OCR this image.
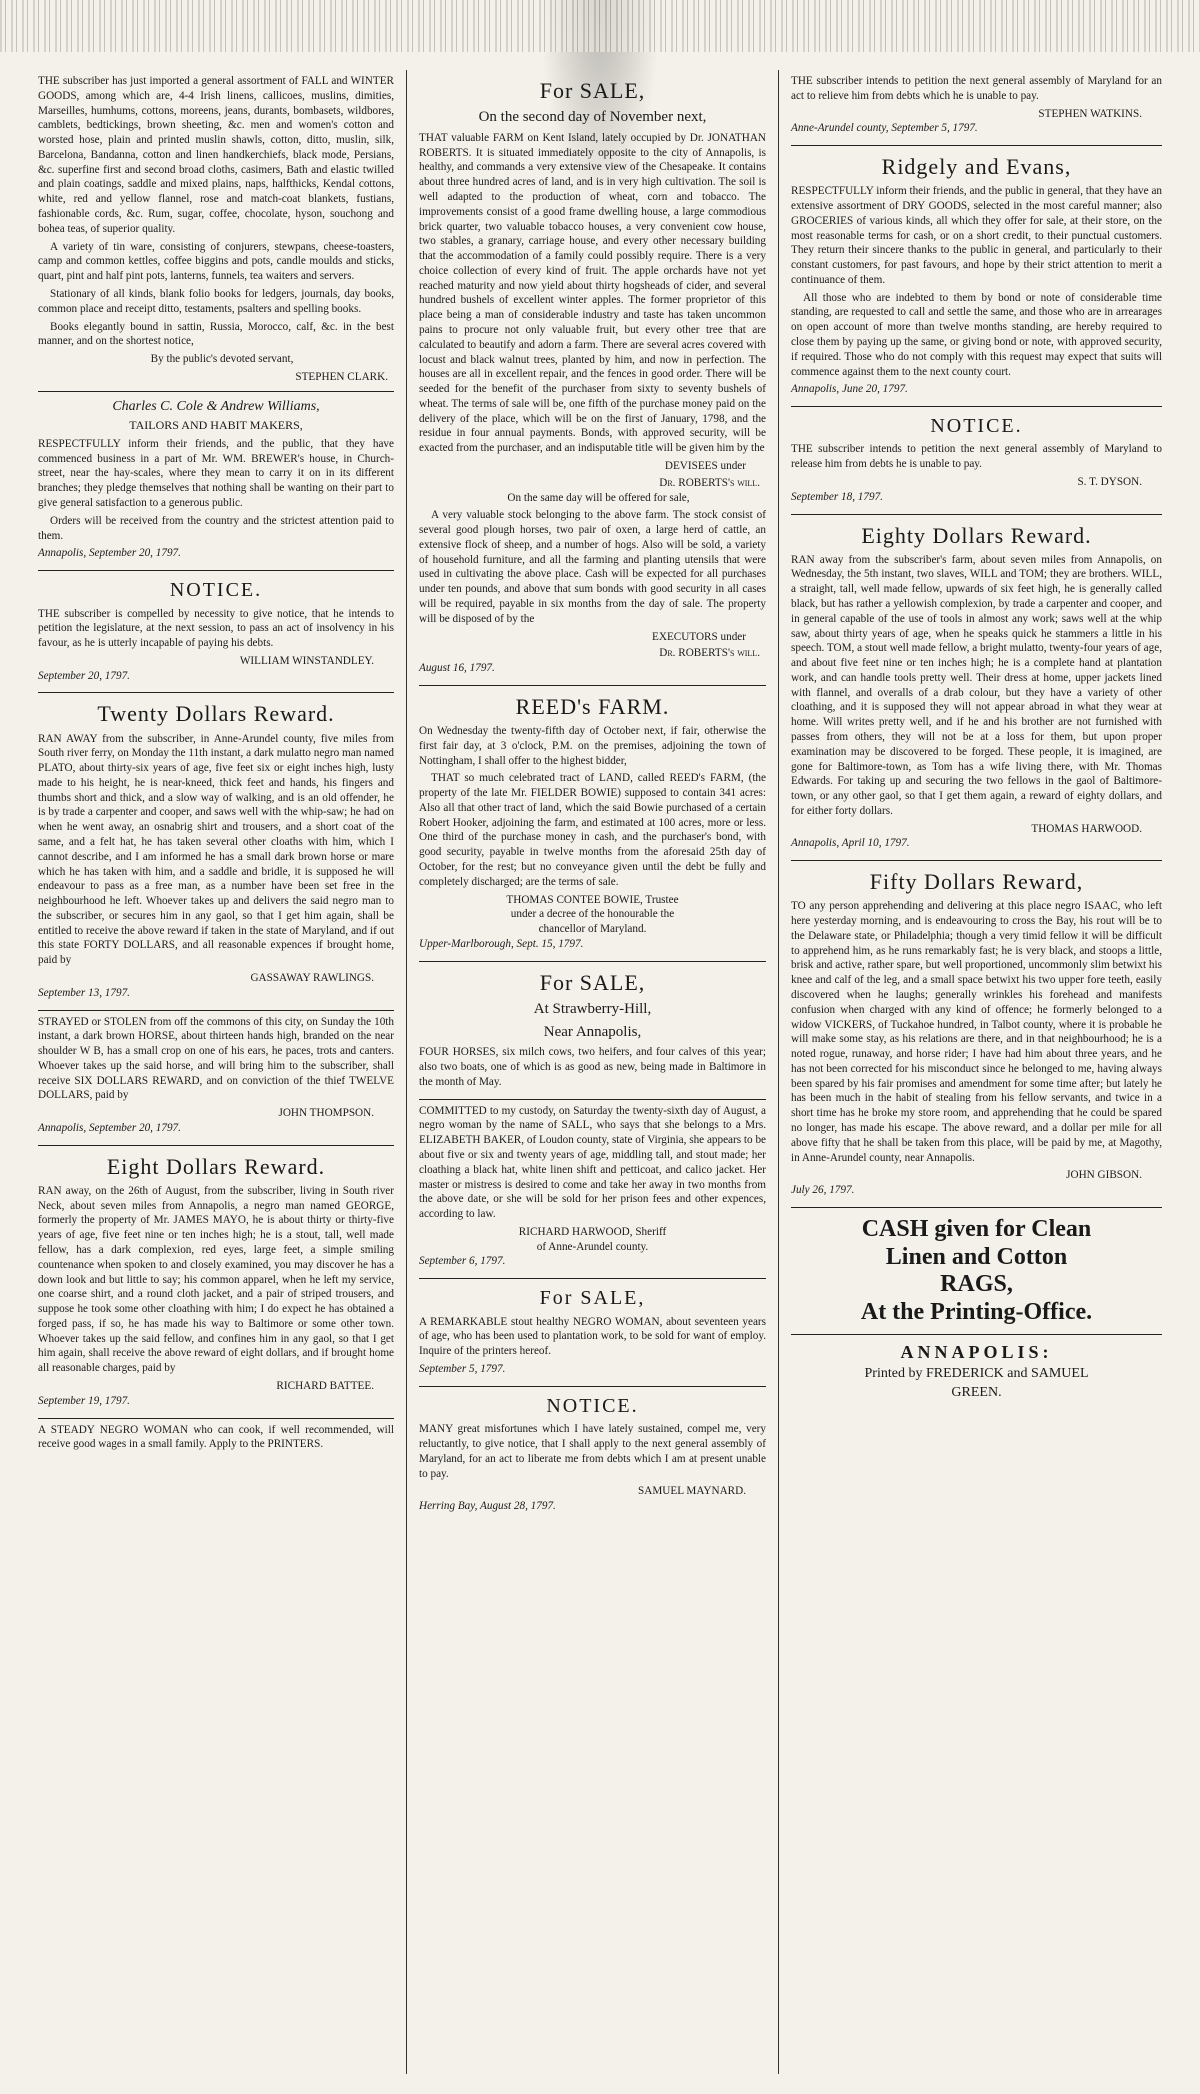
THE subscriber has just imported a general assortment of FALL and WINTER GOODS, among which are, 4-4 Irish linens, callicoes, muslins, dimities, Marseilles, humhums, cottons, moreens, jeans, durants, bombasets, wildbores, camblets, bedtickings, brown sheeting, &c. men and women's cotton and worsted hose, plain and printed muslin shawls, cotton, ditto, muslin, silk, Barcelona, Bandanna, cotton and linen handkerchiefs, black mode, Persians, &c. superfine first and second broad cloths, casimers, Bath and elastic twilled and plain coatings, saddle and mixed plains, naps, halfthicks, Kendal cottons, white, red and yellow flannel, rose and match-coat blankets, fustians, fashionable cords, &c. Rum, sugar, coffee, chocolate, hyson, souchong and bohea teas, of superior quality.

A variety of tin ware, consisting of conjurers, stewpans, cheese-toasters, camp and common kettles, coffee biggins and pots, candle moulds and sticks, quart, pint and half pint pots, lanterns, funnels, tea waiters and servers.

Stationary of all kinds, blank folio books for ledgers, journals, day books, common place and receipt ditto, testaments, psalters and spelling books.

Books elegantly bound in sattin, Russia, Morocco, calf, &c. in the best manner, and on the shortest notice,

By the public's devoted servant,

STEPHEN CLARK.
Charles C. Cole & Andrew Williams,
TAILORS AND HABIT MAKERS,

RESPECTFULLY inform their friends, and the public, that they have commenced business in a part of Mr. WM. BREWER's house, in Church-street, near the hay-scales, where they mean to carry it on in its different branches; they pledge themselves that nothing shall be wanting on their part to give general satisfaction to a generous public.

Orders will be received from the country and the strictest attention paid to them.

Annapolis, September 20, 1797.

NOTICE.

THE subscriber is compelled by necessity to give notice, that he intends to petition the legislature, at the next session, to pass an act of insolvency in his favour, as he is utterly incapable of paying his debts.

WILLIAM WINSTANDLEY.

September 20, 1797.

Twenty Dollars Reward.

RAN AWAY from the subscriber, in Anne-Arundel county, five miles from South river ferry, on Monday the 11th instant, a dark mulatto negro man named PLATO, about thirty-six years of age, five feet six or eight inches high, lusty made to his height, he is near-kneed, thick feet and hands, his fingers and thumbs short and thick, and a slow way of walking, and is an old offender, he is by trade a carpenter and cooper, and saws well with the whip-saw; he had on when he went away, an osnabrig shirt and trousers, and a short coat of the same, and a felt hat, he has taken several other cloaths with him, which I cannot describe, and I am informed he has a small dark brown horse or mare which he has taken with him, and a saddle and bridle, it is supposed he will endeavour to pass as a free man, as a number have been set free in the neighbourhood he left. Whoever takes up and delivers the said negro man to the subscriber, or secures him in any gaol, so that I get him again, shall be entitled to receive the above reward if taken in the state of Maryland, and if out this state FORTY DOLLARS, and all reasonable expences if brought home, paid by

GASSAWAY RAWLINGS.

September 13, 1797.

STRAYED or STOLEN from off the commons of this city, on Sunday the 10th instant, a dark brown HORSE, about thirteen hands high, branded on the near shoulder W B, has a small crop on one of his ears, he paces, trots and canters. Whoever takes up the said horse, and will bring him to the subscriber, shall receive SIX DOLLARS REWARD, and on conviction of the thief TWELVE DOLLARS, paid by

JOHN THOMPSON.

Annapolis, September 20, 1797.

Eight Dollars Reward.

RAN away, on the 26th of August, from the subscriber, living in South river Neck, about seven miles from Annapolis, a negro man named GEORGE, formerly the property of Mr. JAMES MAYO, he is about thirty or thirty-five years of age, five feet nine or ten inches high; he is a stout, tall, well made fellow, has a dark complexion, red eyes, large feet, a simple smiling countenance when spoken to and closely examined, you may discover he has a down look and but little to say; his common apparel, when he left my service, one coarse shirt, and a round cloth jacket, and a pair of striped trousers, and suppose he took some other cloathing with him; I do expect he has obtained a forged pass, if so, he has made his way to Baltimore or some other town. Whoever takes up the said fellow, and confines him in any gaol, so that I get him again, shall receive the above reward of eight dollars, and if brought home all reasonable charges, paid by

RICHARD BATTEE.

September 19, 1797.

A STEADY NEGRO WOMAN who can cook, if well recommended, will receive good wages in a small family. Apply to the PRINTERS.

For SALE,
On the second day of November next,

THAT valuable FARM on Kent Island, lately occupied by Dr. JONATHAN ROBERTS. It is situated immediately opposite to the city of Annapolis, is healthy, and commands a very extensive view of the Chesapeake. It contains about three hundred acres of land, and is in very high cultivation. The soil is well adapted to the production of wheat, corn and tobacco. The improvements consist of a good frame dwelling house, a large commodious brick quarter, two valuable tobacco houses, a very convenient cow house, two stables, a granary, carriage house, and every other necessary building that the accommodation of a family could possibly require. There is a very choice collection of every kind of fruit. The apple orchards have not yet reached maturity and now yield about thirty hogsheads of cider, and several hundred bushels of excellent winter apples. The former proprietor of this place being a man of considerable industry and taste has taken uncommon pains to procure not only valuable fruit, but every other tree that are calculated to beautify and adorn a farm. There are several acres covered with locust and black walnut trees, planted by him, and now in perfection. The houses are all in excellent repair, and the fences in good order. There will be seeded for the benefit of the purchaser from sixty to seventy bushels of wheat. The terms of sale will be, one fifth of the purchase money paid on the delivery of the place, which will be on the first of January, 1798, and the residue in four annual payments. Bonds, with approved security, will be exacted from the purchaser, and an indisputable title will be given him by the

DEVISEES under
Dr. ROBERTS's will.

On the same day will be offered for sale,

A very valuable stock belonging to the above farm. The stock consist of several good plough horses, two pair of oxen, a large herd of cattle, an extensive flock of sheep, and a number of hogs. Also will be sold, a variety of household furniture, and all the farming and planting utensils that were used in cultivating the above place. Cash will be expected for all purchases under ten pounds, and above that sum bonds with good security in all cases will be required, payable in six months from the day of sale. The property will be disposed of by the

EXECUTORS under
Dr. ROBERTS's will.

August 16, 1797.

REED's FARM.

On Wednesday the twenty-fifth day of October next, if fair, otherwise the first fair day, at 3 o'clock, P.M. on the premises, adjoining the town of Nottingham, I shall offer to the highest bidder,

THAT so much celebrated tract of LAND, called REED's FARM, (the property of the late Mr. FIELDER BOWIE) supposed to contain 341 acres: Also all that other tract of land, which the said Bowie purchased of a certain Robert Hooker, adjoining the farm, and estimated at 100 acres, more or less. One third of the purchase money in cash, and the purchaser's bond, with good security, payable in twelve months from the aforesaid 25th day of October, for the rest; but no conveyance given until the debt be fully and completely discharged; are the terms of sale.

THOMAS CONTEE BOWIE, Trustee
under a decree of the honourable the
chancellor of Maryland.

Upper-Marlborough, Sept. 15, 1797.

For SALE,
At Strawberry-Hill,
Near Annapolis,

FOUR HORSES, six milch cows, two heifers, and four calves of this year; also two boats, one of which is as good as new, being made in Baltimore in the month of May.

COMMITTED to my custody, on Saturday the twenty-sixth day of August, a negro woman by the name of SALL, who says that she belongs to a Mrs. ELIZABETH BAKER, of Loudon county, state of Virginia, she appears to be about five or six and twenty years of age, middling tall, and stout made; her cloathing a black hat, white linen shift and petticoat, and calico jacket. Her master or mistress is desired to come and take her away in two months from the above date, or she will be sold for her prison fees and other expences, according to law.

RICHARD HARWOOD, Sheriff
of Anne-Arundel county.

September 6, 1797.

For SALE,

A REMARKABLE stout healthy NEGRO WOMAN, about seventeen years of age, who has been used to plantation work, to be sold for want of employ. Inquire of the printers hereof.

September 5, 1797.

NOTICE.

MANY great misfortunes which I have lately sustained, compel me, very reluctantly, to give notice, that I shall apply to the next general assembly of Maryland, for an act to liberate me from debts which I am at present unable to pay.

SAMUEL MAYNARD.

Herring Bay, August 28, 1797.

THE subscriber intends to petition the next general assembly of Maryland for an act to relieve him from debts which he is unable to pay.

STEPHEN WATKINS.

Anne-Arundel county, September 5, 1797.

Ridgely and Evans,

RESPECTFULLY inform their friends, and the public in general, that they have an extensive assortment of DRY GOODS, selected in the most careful manner; also GROCERIES of various kinds, all which they offer for sale, at their store, on the most reasonable terms for cash, or on a short credit, to their punctual customers. They return their sincere thanks to the public in general, and particularly to their constant customers, for past favours, and hope by their strict attention to merit a continuance of them.

All those who are indebted to them by bond or note of considerable time standing, are requested to call and settle the same, and those who are in arrearages on open account of more than twelve months standing, are hereby required to close them by paying up the same, or giving bond or note, with approved security, if required. Those who do not comply with this request may expect that suits will commence against them to the next county court.

Annapolis, June 20, 1797.

NOTICE.

THE subscriber intends to petition the next general assembly of Maryland to release him from debts he is unable to pay.

S. T. DYSON.

September 18, 1797.

Eighty Dollars Reward.

RAN away from the subscriber's farm, about seven miles from Annapolis, on Wednesday, the 5th instant, two slaves, WILL and TOM; they are brothers. WILL, a straight, tall, well made fellow, upwards of six feet high, he is generally called black, but has rather a yellowish complexion, by trade a carpenter and cooper, and in general capable of the use of tools in almost any work; saws well at the whip saw, about thirty years of age, when he speaks quick he stammers a little in his speech. TOM, a stout well made fellow, a bright mulatto, twenty-four years of age, and about five feet nine or ten inches high; he is a complete hand at plantation work, and can handle tools pretty well. Their dress at home, upper jackets lined with flannel, and overalls of a drab colour, but they have a variety of other cloathing, and it is supposed they will not appear abroad in what they wear at home. Will writes pretty well, and if he and his brother are not furnished with passes from others, they will not be at a loss for them, but upon proper examination may be discovered to be forged. These people, it is imagined, are gone for Baltimore-town, as Tom has a wife living there, with Mr. Thomas Edwards. For taking up and securing the two fellows in the gaol of Baltimore-town, or any other gaol, so that I get them again, a reward of eighty dollars, and for either forty dollars.

THOMAS HARWOOD.

Annapolis, April 10, 1797.

Fifty Dollars Reward,

TO any person apprehending and delivering at this place negro ISAAC, who left here yesterday morning, and is endeavouring to cross the Bay, his rout will be to the Delaware state, or Philadelphia; though a very timid fellow it will be difficult to apprehend him, as he runs remarkably fast; he is very black, and stoops a little, brisk and active, rather spare, but well proportioned, uncommonly slim betwixt his knee and calf of the leg, and a small space betwixt his two upper fore teeth, easily discovered when he laughs; generally wrinkles his forehead and manifests confusion when charged with any kind of offence; he formerly belonged to a widow VICKERS, of Tuckahoe hundred, in Talbot county, where it is probable he will make some stay, as his relations are there, and in that neighbourhood; he is a noted rogue, runaway, and horse rider; I have had him about three years, and he has not been corrected for his misconduct since he belonged to me, having always been spared by his fair promises and amendment for some time after; but lately he has been much in the habit of stealing from his fellow servants, and twice in a short time has he broke my store room, and apprehending that he could be spared no longer, has made his escape. The above reward, and a dollar per mile for all above fifty that he shall be taken from this place, will be paid by me, at Magothy, in Anne-Arundel county, near Annapolis.

JOHN GIBSON.

July 26, 1797.

CASH given for Clean
Linen and Cotton
RAGS,
At the Printing-Office.
ANNAPOLIS:
Printed by FREDERICK and SAMUEL
GREEN.
